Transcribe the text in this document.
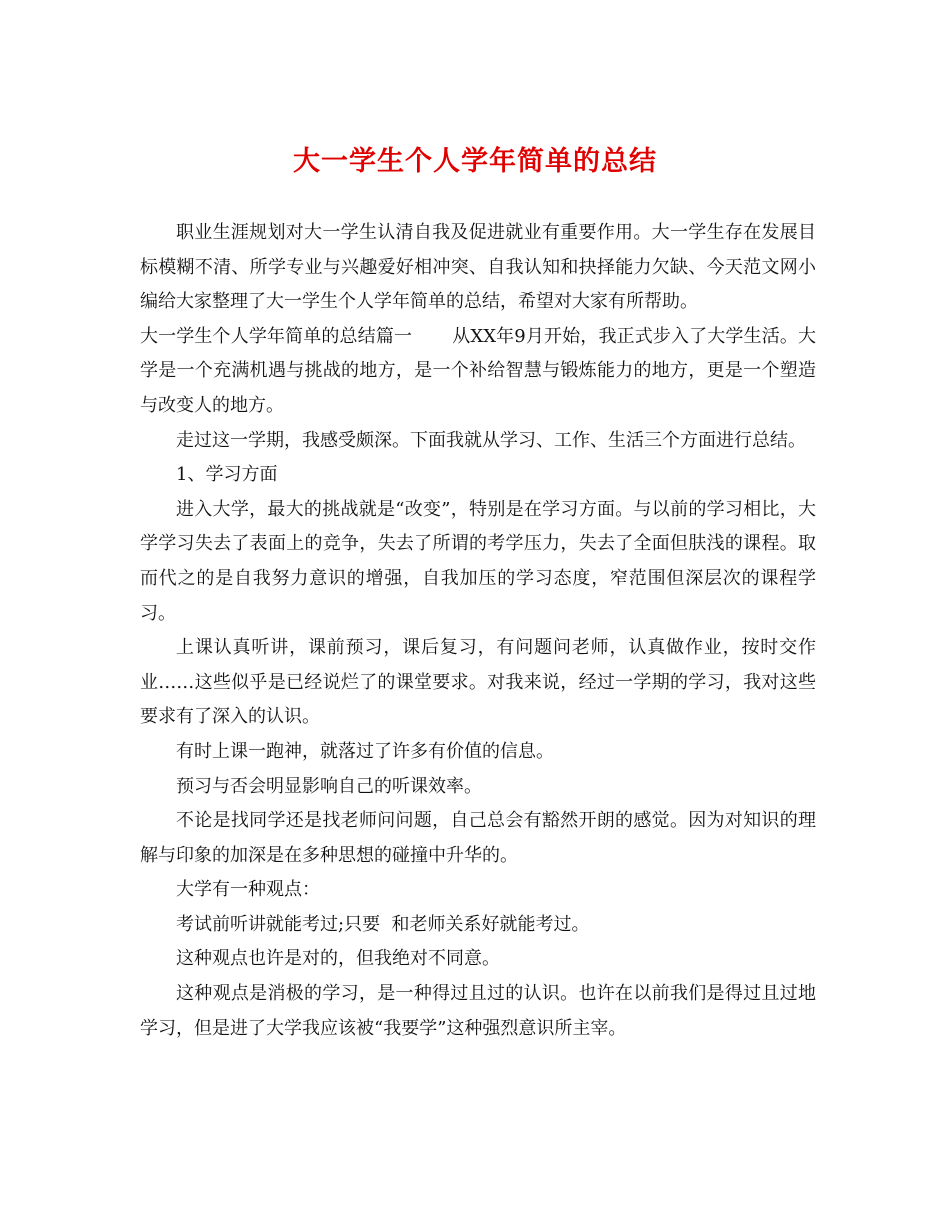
大一学生个人学年简单的总结

职业生涯规划对大一学生认清自我及促进就业有重要作用。大一学生存在发展目标模糊不清、所学专业与兴趣爱好相冲突、自我认知和抉择能力欠缺、今天范文网小编给大家整理了大一学生个人学年简单的总结，希望对大家有所帮助。

大一学生个人学年简单的总结篇一 从XX年9月开始，我正式步入了大学生活。大学是一个充满机遇与挑战的地方，是一个补给智慧与锻炼能力的地方，更是一个塑造与改变人的地方。

走过这一学期，我感受颇深。下面我就从学习、工作、生活三个方面进行总结。

1、学习方面

进入大学，最大的挑战就是“改变”，特别是在学习方面。与以前的学习相比，大学学习失去了表面上的竞争，失去了所谓的考学压力，失去了全面但肤浅的课程。取而代之的是自我努力意识的增强，自我加压的学习态度，窄范围但深层次的课程学习。

上课认真听讲，课前预习，课后复习，有问题问老师，认真做作业，按时交作业……这些似乎是已经说烂了的课堂要求。对我来说，经过一学期的学习，我对这些要求有了深入的认识。

有时上课一跑神，就落过了许多有价值的信息。

预习与否会明显影响自己的听课效率。

不论是找同学还是找老师问问题，自己总会有豁然开朗的感觉。因为对知识的理解与印象的加深是在多种思想的碰撞中升华的。

大学有一种观点：

考试前听讲就能考过;只要  和老师关系好就能考过。

这种观点也许是对的，但我绝对不同意。

这种观点是消极的学习，是一种得过且过的认识。也许在以前我们是得过且过地学习，但是进了大学我应该被“我要学”这种强烈意识所主宰。
